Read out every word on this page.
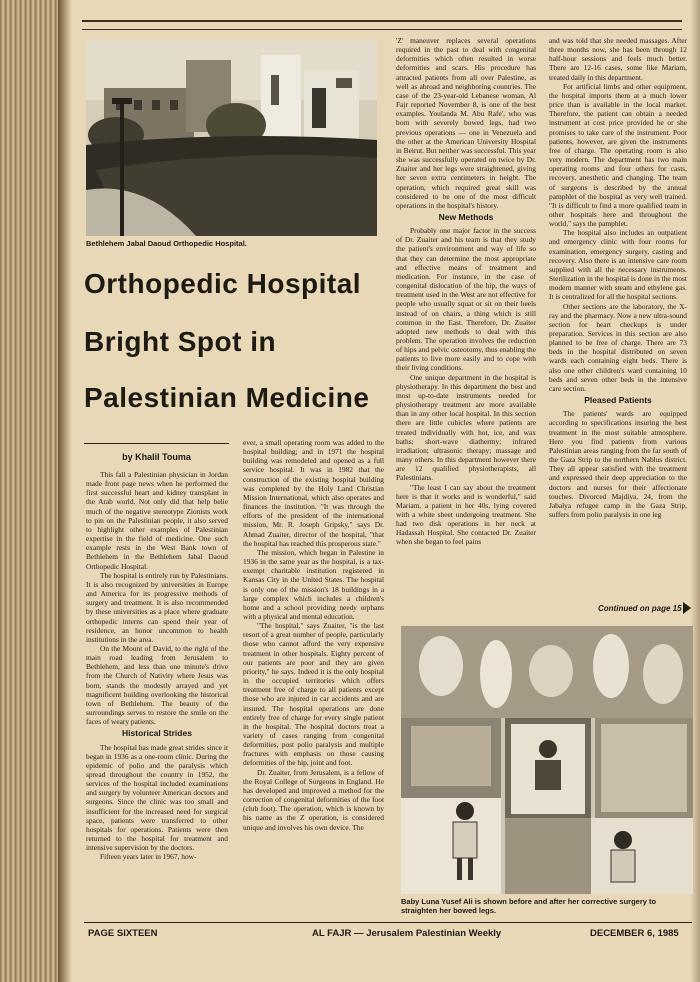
Bethlehem Jabal Daoud Orthopedic Hospital.
Orthopedic Hospital
Bright Spot in
Palestinian Medicine
by Khalil Touma

This fall a Palestinian physician in Jordan made front page news when he performed the first successful heart and kidney transplant in the Arab world. Not only did that help belie much of the negative stereotype Zionists work to pin on the Palestinian people, it also served to highlight other examples of Palestinian expertise in the field of medicine. One such example rests in the West Bank town of Bethlehem in the Bethlehem Jabal Daoud Orthopedic Hospital.

The hospital is entirely run by Palestinians. It is also recognized by universities in Europe and America for its progressive methods of surgery and treatment. It is also recommended by these universities as a place where graduate orthopedic interns can spend their year of residence, an honor uncommon to health institutions in the area.

On the Mount of David, to the right of the main road leading from Jerusalem to Bethlehem, and less than one minute's drive from the Church of Nativity where Jesus was born, stands the modestly arrayed and yet magnificent building overlooking the historical town of Bethlehem. The beauty of the surroundings serves to restore the smile on the faces of weary patients.

Historical Strides

The hospital has made great strides since it began in 1936 as a one-room clinic. During the epidemic of polio and the paralysis which spread throughout the country in 1952, the services of the hospital included examinations and surgery by volunteer American doctors and surgeons. Since the clinic was too small and insufficient for the increased need for surgical space, patients were transferred to other hospitals for operations. Patients were then returned to the hospital for treatment and intensive supervision by the doctors.

Fifteen years later in 1967, how-

ever, a small operating room was added to the hospital building; and in 1971 the hospital building was remodeled and opened as a full service hospital. It was in 1982 that the construction of the existing hospital building was completed by the Holy Land Christian Mission International, which also operates and finances the institution. "It was through the efforts of the president of the international mission, Mr. R. Joseph Gripsky," says Dr. Ahmad Zuaiter, director of the hospital, "that the hospital has reached this prosperous state."

The mission, which began in Palestine in 1936 in the same year as the hospital, is a tax-exempt charitable institution registered in Kansas City in the United States. The hospital is only one of the mission's 18 buildings in a large complex which includes a children's home and a school providing needy orphans with a physical and mental education.

"The hospital," says Zuaiter, "is the last resort of a great number of people, particularly those who cannot afford the very expensive treatment in other hospitals. Eighty percent of our patients are poor and they are given priority," he says. Indeed it is the only hospital in the occupied territories which offers treatment free of charge to all patients except those who are injured in car accidents and are insured. The hospital operations are done entirely free of charge for every single patient in the hospital. The hospital doctors treat a variety of cases ranging from congenital deformities, post polio paralysis and multiple fractures with emphasis on those causing deformities of the hip, joint and foot.

Dr. Zuaiter, from Jerusalem, is a fellow of the Royal College of Surgeons in England. He has developed and improved a method for the correction of congenital deformities of the foot (club foot). The operation, which is known by his name as the Z operation, is considered unique and involves his own device. The

'Z' maneuver replaces several operations required in the past to deal with congenital deformities which often resulted in worse deformities and scars. His procedure has attracted patients from all over Palestine, as well as abroad and neighboring countries. The case of the 23-year-old Lebanese woman, Al Fajr reported November 8, is one of the best examples. Youlanda M. Abu Rafe', who was born with severely bowed legs, had two previous operations — one in Venezuela and the other at the American University Hospital in Beirut. But neither was successful. This year she was successfully operated on twice by Dr. Zuaiter and her legs were straightened, giving her seven extra centimeters in height. The operation, which required great skill was considered to be one of the most difficult operations in the hospital's history.

New Methods

Probably one major factor in the success of Dr. Zuaiter and his team is that they study the patient's environment and way of life so that they can determine the most appropriate and effective means of treatment and medication. For instance, in the case of congenital dislocation of the hip, the ways of treatment used in the West are not effective for people who usually squat or sit on their heels instead of on chairs, a thing which is still common in the East. Therefore, Dr. Zuaiter adopted new methods to deal with this problem. The operation involves the reduction of hips and pelvic osteotomy, thus enabling the patients to live more easily and to cope with their living conditions.

One unique department in the hospital is physiotherapy. In this department the best and most up-to-date instruments needed for physiotherapy treatment are more available than in any other local hospital. In this section there are little cubicles where patients are treated individually with hot, ice, and wax baths; short-wave diathermy; infrared irradiation; ultrasonic therapy; massage and many others. In this department however there are 12 qualified physiotherapists, all Palestinians.

"The least I can say about the treatment here is that it works and is wonderful," said Mariam, a patient in her 40s, lying covered with a white sheet undergoing treatment. She had two disk operations in her neck at Hadassah Hospital. She contacted Dr. Zuaiter when she began to feel pains

and was told that she needed massages. After three months now, she has been through 12 half-hour sessions and feels much better. There are 12-16 cases, some like Mariam, treated daily in this department.

For artificial limbs and other equipment, the hospital imports them at a much lower price than is available in the local market. Therefore, the patient can obtain a needed instrument at cost price provided he or she promises to take care of the instrument. Poor patients, however, are given the instruments free of charge. The operating room is also very modern. The department has two main operating rooms and four others for casts, recovery, anesthetic and changing. The team of surgeons is described by the annual pamphlet of the hospital as very well trained. "It is difficult to find a more qualified team in other hospitals here and throughout the world," says the pamphlet.

The hospital also includes an outpatient and emergency clinic with four rooms for examination, emergency surgery, casting and recovery. Also there is an intensive care room supplied with all the necessary instruments. Sterilization in the hospital is done in the most modern manner with steam and ethylene gas. It is centralized for all the hospital sections.

Other sections are the laboratory, the X-ray and the pharmacy. Now a new ultra-sound section for heart checkups is under preparation. Services in this section are also planned to be free of charge. There are 73 beds in the hospital distributed on seven wards each containing eight beds. There is also one other children's ward containing 10 beds and seven other beds in the intensive care section.

Pleased Patients

The patients' wards are equipped according to specifications insuring the best treatment in the most suitable atmosphere. Here you find patients from various Palestinian areas ranging from the far south of the Gaza Strip to the northern Nablus district. They all appear satisfied with the treatment and expressed their deep appreciation to the doctors and nurses for their affectionate touches. Divorced Majdiya, 24, from the Jabalya refugee camp in the Gaza Strip, suffers from polio paralysis in one leg

Continued on page 15
Baby Luna Yusef Ali is shown before and after her corrective surgery to straighten her bowed legs.
PAGE SIXTEEN	AL FAJR — Jerusalem Palestinian Weekly	DECEMBER 6, 1985
